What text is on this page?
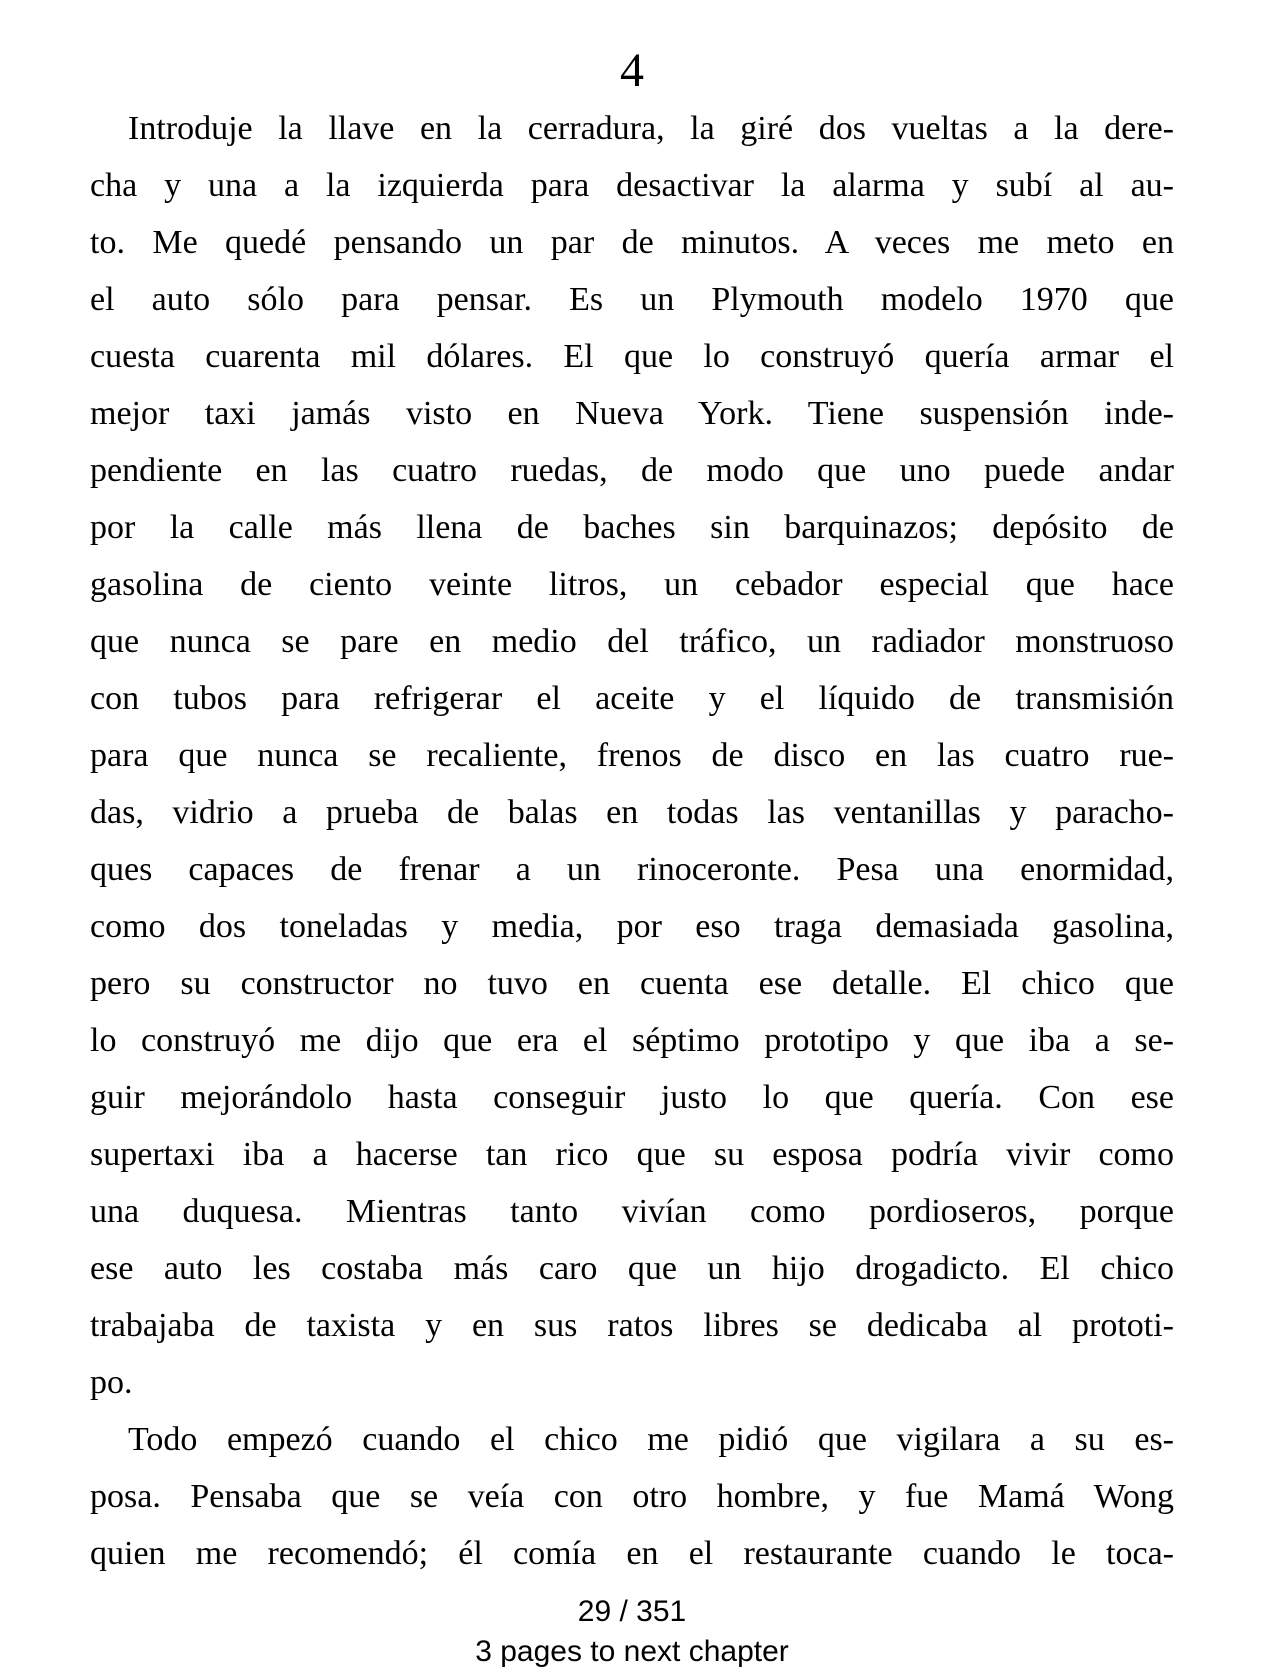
4
Introduje la llave en la cerradura, la giré dos vueltas a la dere-
cha y una a la izquierda para desactivar la alarma y subí al au-
to. Me quedé pensando un par de minutos. A veces me meto en
el auto sólo para pensar. Es un Plymouth modelo 1970 que
cuesta cuarenta mil dólares. El que lo construyó quería armar el
mejor taxi jamás visto en Nueva York. Tiene suspensión inde-
pendiente en las cuatro ruedas, de modo que uno puede andar
por la calle más llena de baches sin barquinazos; depósito de
gasolina de ciento veinte litros, un cebador especial que hace
que nunca se pare en medio del tráfico, un radiador monstruoso
con tubos para refrigerar el aceite y el líquido de transmisión
para que nunca se recaliente, frenos de disco en las cuatro rue-
das, vidrio a prueba de balas en todas las ventanillas y paracho-
ques capaces de frenar a un rinoceronte. Pesa una enormidad,
como dos toneladas y media, por eso traga demasiada gasolina,
pero su constructor no tuvo en cuenta ese detalle. El chico que
lo construyó me dijo que era el séptimo prototipo y que iba a se-
guir mejorándolo hasta conseguir justo lo que quería. Con ese
supertaxi iba a hacerse tan rico que su esposa podría vivir como
una duquesa. Mientras tanto vivían como pordioseros, porque
ese auto les costaba más caro que un hijo drogadicto. El chico
trabajaba de taxista y en sus ratos libres se dedicaba al prototi-
po.
Todo empezó cuando el chico me pidió que vigilara a su es-
posa. Pensaba que se veía con otro hombre, y fue Mamá Wong
quien me recomendó; él comía en el restaurante cuando le toca-
29 / 351
3 pages to next chapter
